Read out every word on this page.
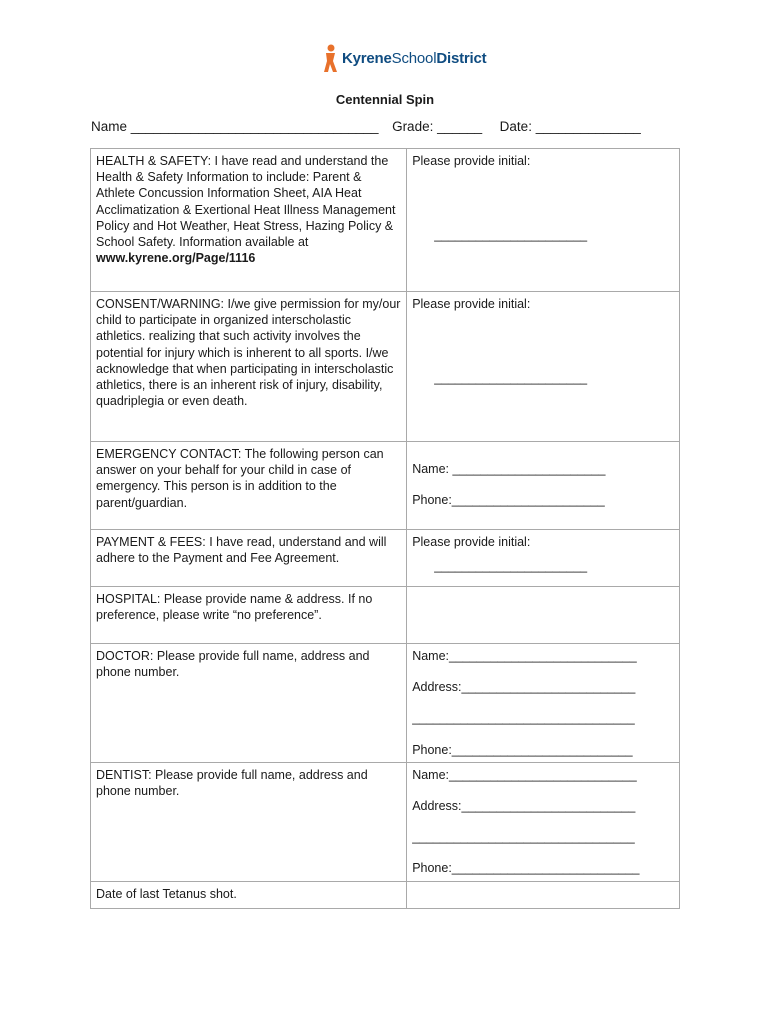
KyreneSchoolDistrict
Centennial Spin
Name _________________________________ Grade: ______ Date: ______________
HEALTH & SAFETY: I have read and understand the Health & Safety Information to include: Parent & Athlete Concussion Information Sheet, AIA Heat Acclimatization & Exertional Heat Illness Management Policy and Hot Weather, Heat Stress, Hazing Policy & School Safety. Information available at www.kyrene.org/Page/1116	Please provide initial:
______________________

CONSENT/WARNING: I/we give permission for my/our child to participate in organized interscholastic athletics. realizing that such activity involves the potential for injury which is inherent to all sports. I/we acknowledge that when participating in interscholastic athletics, there is an inherent risk of injury, disability, quadriplegia or even death.	Please provide initial:
______________________

EMERGENCY CONTACT: The following person can answer on your behalf for your child in case of emergency. This person is in addition to the parent/guardian.	Name: ______________________
Phone:______________________

PAYMENT & FEES: I have read, understand and will adhere to the Payment and Fee Agreement.	Please provide initial:
______________________

HOSPITAL: Please provide name & address. If no preference, please write “no preference”.	
DOCTOR: Please provide full name, address and phone number.	Name:___________________________
Address:_________________________
________________________________
Phone:__________________________

DENTIST: Please provide full name, address and phone number.	Name:___________________________
Address:_________________________
________________________________
Phone:___________________________

Date of last Tetanus shot.	
